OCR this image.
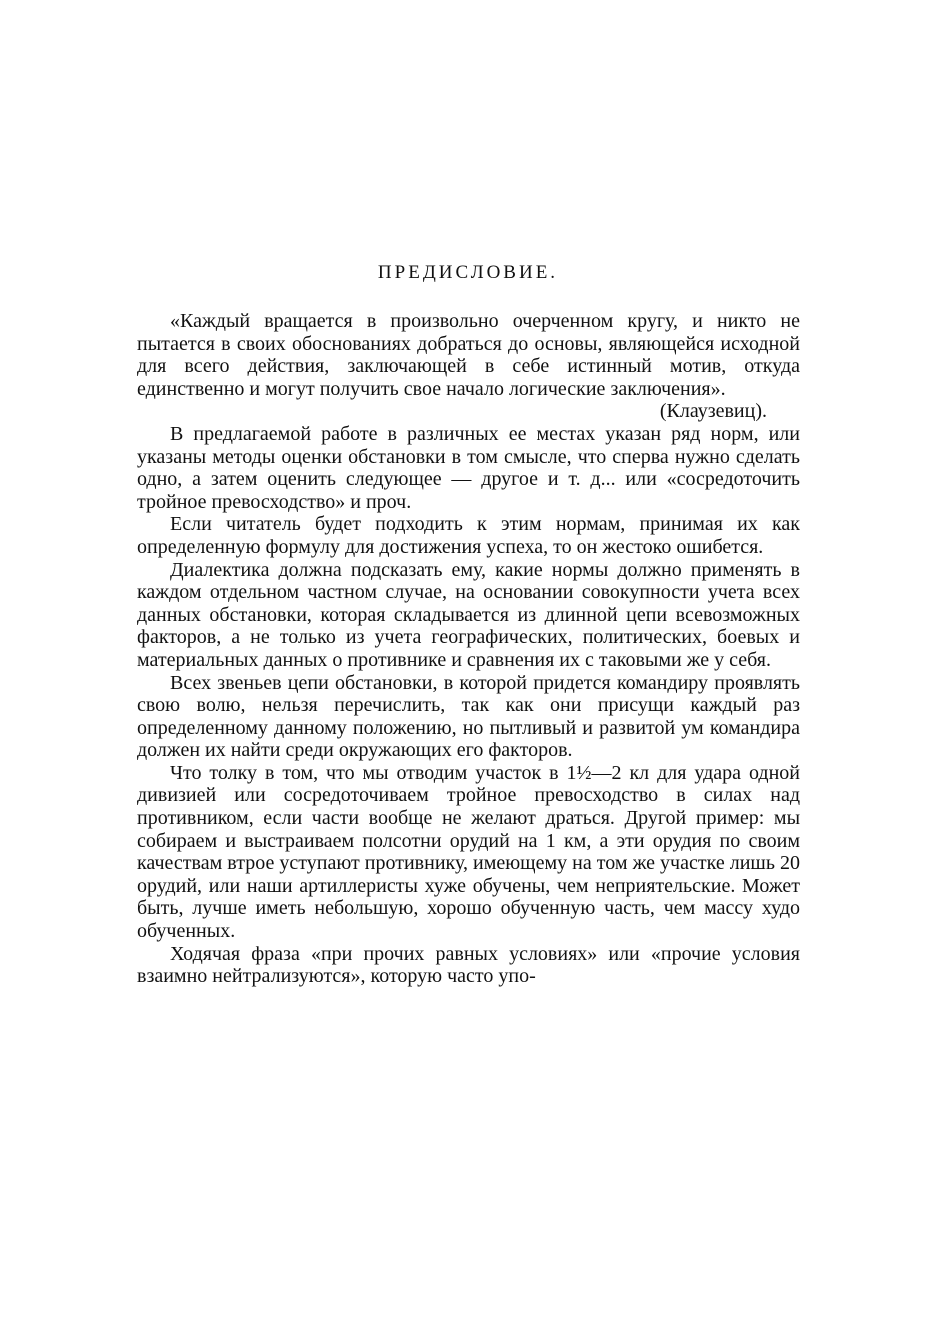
ПРЕДИСЛОВИЕ.

«Каждый вращается в произвольно очерченном кругу, и никто не пытается в своих обоснованиях добраться до основы, являющейся исходной для всего действия, заключающей в себе истинный мотив, откуда единственно и могут получить свое начало логические заключения».

(Клаузевиц).

В предлагаемой работе в различных ее местах указан ряд норм, или указаны методы оценки обстановки в том смысле, что сперва нужно сделать одно, а затем оценить следующее — другое и т. д... или «сосредоточить тройное превосходство» и проч.

Если читатель будет подходить к этим нормам, принимая их как определенную формулу для достижения успеха, то он жестоко ошибется.

Диалектика должна подсказать ему, какие нормы должно применять в каждом отдельном частном случае, на основании совокупности учета всех данных обстановки, которая складывается из длинной цепи всевозможных факторов, а не только из учета географических, политических, боевых и материальных данных о противнике и сравнения их с таковыми же у себя.

Всех звеньев цепи обстановки, в которой придется командиру проявлять свою волю, нельзя перечислить, так как они присущи каждый раз определенному данному положению, но пытливый и развитой ум командира должен их найти среди окружающих его факторов.

Что толку в том, что мы отводим участок в 1½—2 кл для удара одной дивизией или сосредоточиваем тройное превосходство в силах над противником, если части вообще не желают драться. Другой пример: мы собираем и выстраиваем полсотни орудий на 1 км, а эти орудия по своим качествам втрое уступают противнику, имеющему на том же участке лишь 20 орудий, или наши артиллеристы хуже обучены, чем неприятельские. Может быть, лучше иметь небольшую, хорошо обученную часть, чем массу худо обученных.

Ходячая фраза «при прочих равных условиях» или «прочие условия взаимно нейтрализуются», которую часто упо-
